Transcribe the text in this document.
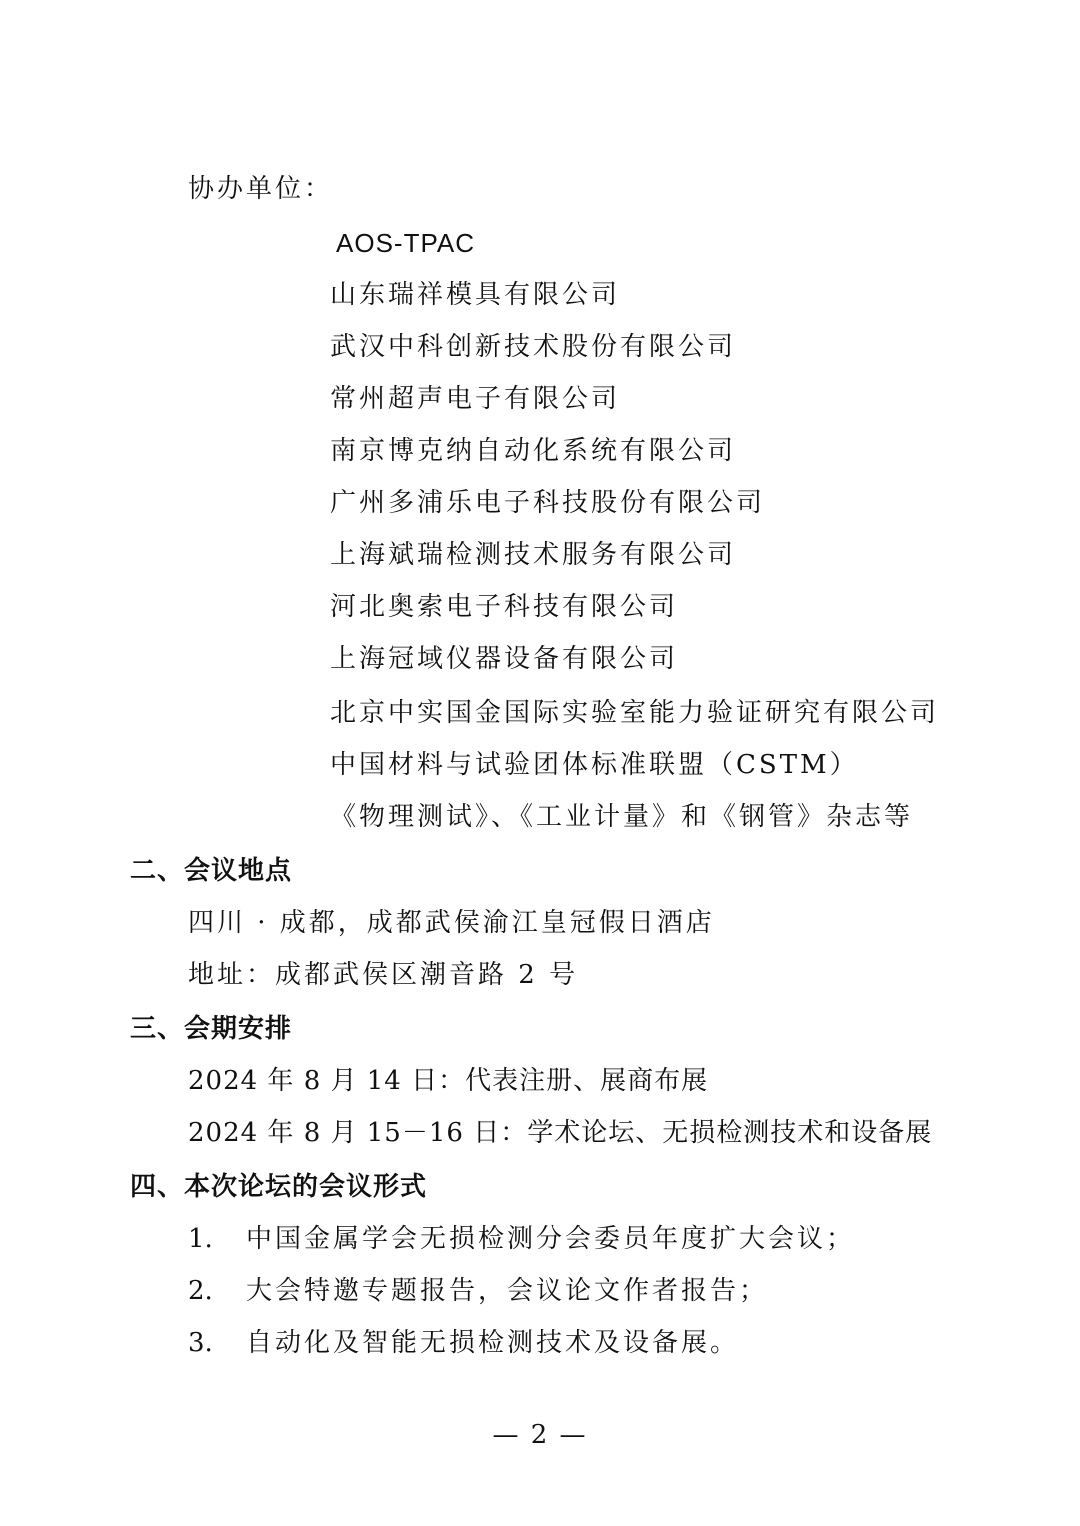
协办单位：
AOS-TPAC
山东瑞祥模具有限公司
武汉中科创新技术股份有限公司
常州超声电子有限公司
南京博克纳自动化系统有限公司
广州多浦乐电子科技股份有限公司
上海斌瑞检测技术服务有限公司
河北奥索电子科技有限公司
上海冠域仪器设备有限公司
北京中实国金国际实验室能力验证研究有限公司
中国材料与试验团体标准联盟（CSTM）
《物理测试》、《工业计量》和《钢管》杂志等
二、会议地点
四川 · 成都，成都武侯渝江皇冠假日酒店
地址：成都武侯区潮音路 2 号
三、会期安排
2024 年 8 月 14 日：代表注册、展商布展
2024 年 8 月 15－16 日：学术论坛、无损检测技术和设备展
四、本次论坛的会议形式
1. 中国金属学会无损检测分会委员年度扩大会议；
2. 大会特邀专题报告，会议论文作者报告；
3. 自动化及智能无损检测技术及设备展。
— 2 —
